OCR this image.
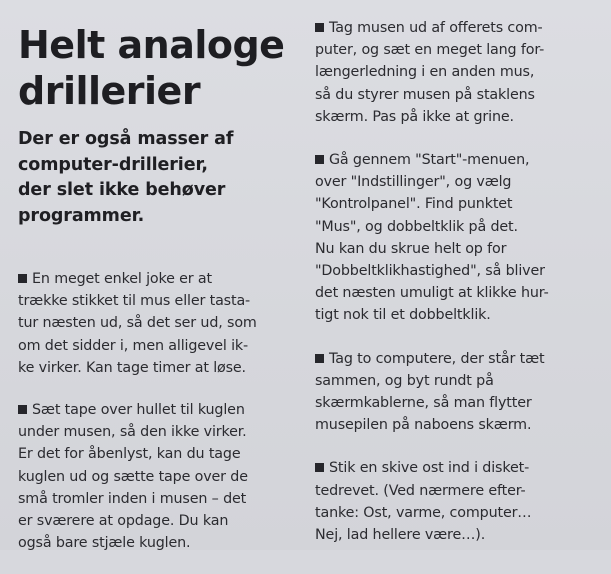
Helt analoge
drillerier
Der er også masser af
computer-drillerier,
der slet ikke behøver
programmer.

En meget enkel joke er at
trække stikket til mus eller tasta-
tur næsten ud, så det ser ud, som
om det sidder i, men alligevel ik-
ke virker. Kan tage timer at løse.

Sæt tape over hullet til kuglen
under musen, så den ikke virker.
Er det for åbenlyst, kan du tage
kuglen ud og sætte tape over de
små tromler inden i musen – det
er sværere at opdage. Du kan
også bare stjæle kuglen.

Tag musen ud af offerets com-
puter, og sæt en meget lang for-
længerledning i en anden mus,
så du styrer musen på staklens
skærm. Pas på ikke at grine.

Gå gennem "Start"-menuen,
over "Indstillinger", og vælg
"Kontrolpanel". Find punktet
"Mus", og dobbeltklik på det.
Nu kan du skrue helt op for
"Dobbeltklikhastighed", så bliver
det næsten umuligt at klikke hur-
tigt nok til et dobbeltklik.

Tag to computere, der står tæt
sammen, og byt rundt på
skærmkablerne, så man flytter
musepilen på naboens skærm.

Stik en skive ost ind i disket-
tedrevet. (Ved nærmere efter-
tanke: Ost, varme, computer…
Nej, lad hellere være…).
